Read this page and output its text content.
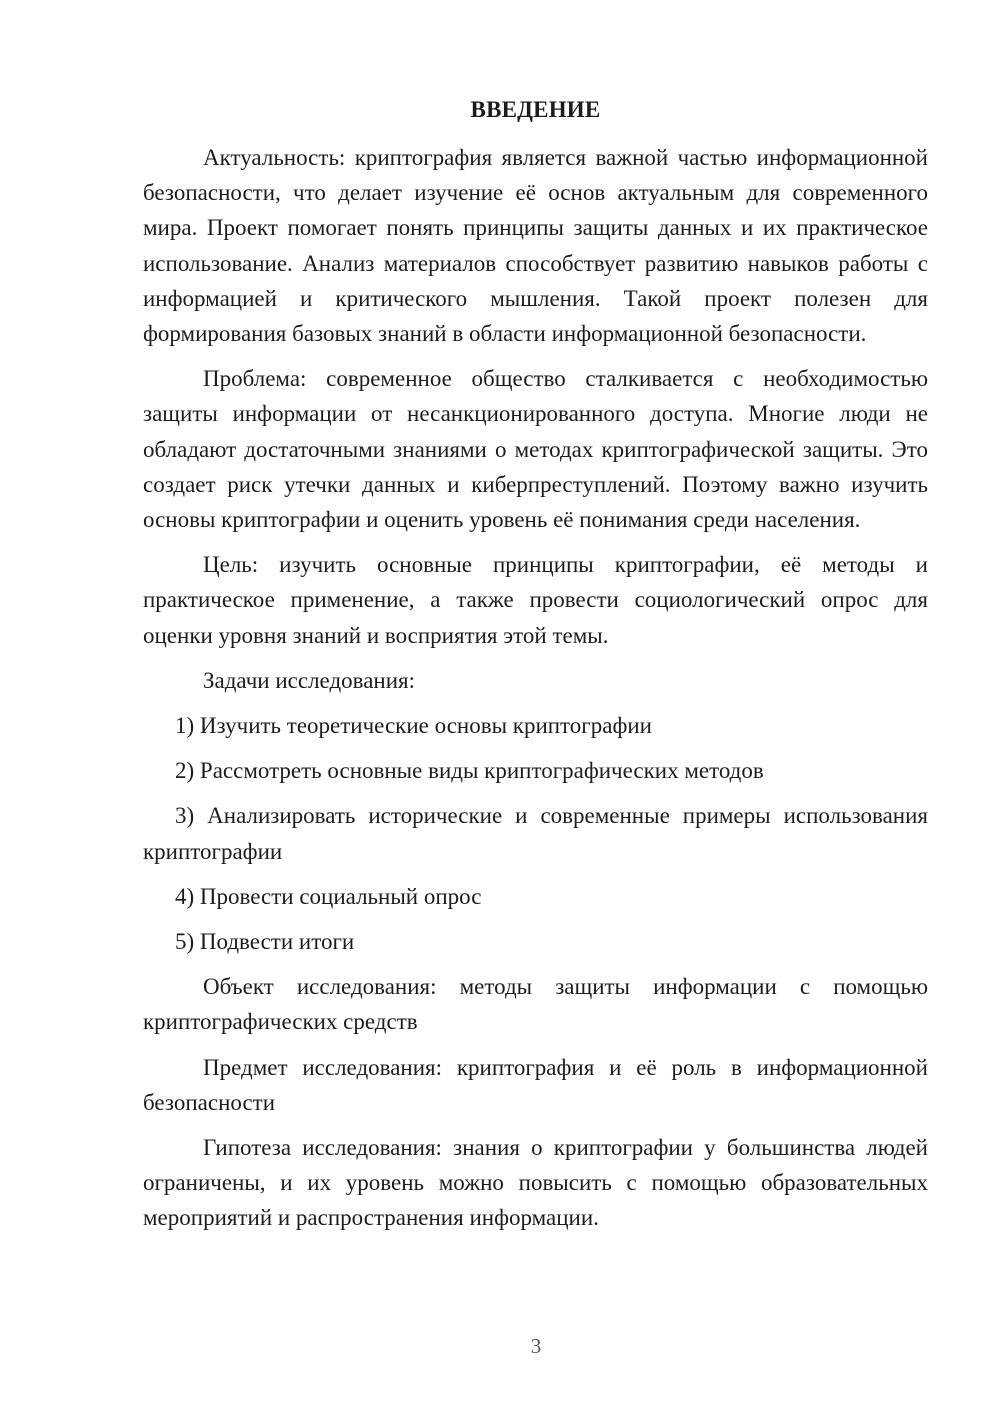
ВВЕДЕНИЕ

Актуальность: криптография является важной частью информационной безопасности, что делает изучение её основ актуальным для современного мира. Проект помогает понять принципы защиты данных и их практическое использование. Анализ материалов способствует развитию навыков работы с информацией и критического мышления. Такой проект полезен для формирования базовых знаний в области информационной безопасности.

Проблема: современное общество сталкивается с необходимостью защиты информации от несанкционированного доступа. Многие люди не обладают достаточными знаниями о методах криптографической защиты. Это создает риск утечки данных и киберпреступлений. Поэтому важно изучить основы криптографии и оценить уровень её понимания среди населения.

Цель: изучить основные принципы криптографии, её методы и практическое применение, а также провести социологический опрос для оценки уровня знаний и восприятия этой темы.

Задачи исследования:

1) Изучить теоретические основы криптографии

2) Рассмотреть основные виды криптографических методов

3) Анализировать исторические и современные примеры использования криптографии

4) Провести социальный опрос

5) Подвести итоги

Объект исследования: методы защиты информации с помощью криптографических средств

Предмет исследования: криптография и её роль в информационной безопасности

Гипотеза исследования: знания о криптографии у большинства людей ограничены, и их уровень можно повысить с помощью образовательных мероприятий и распространения информации.

3
